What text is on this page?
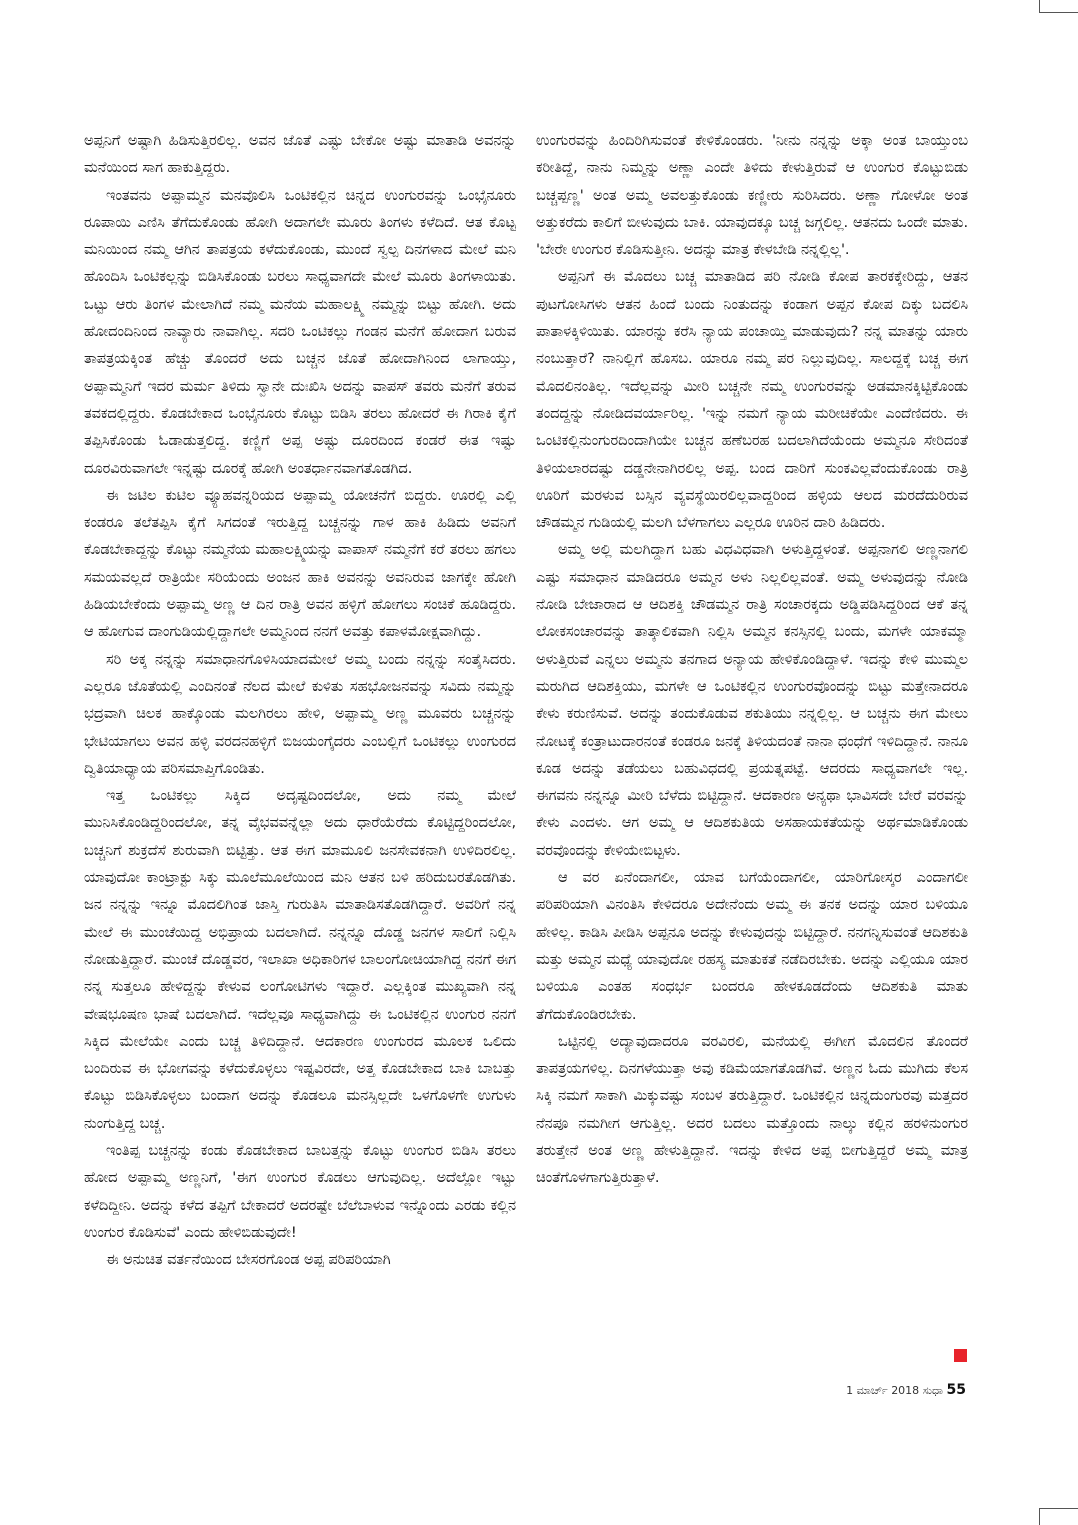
ಅಪ್ಪನಿಗೆ ಅಷ್ಟಾಗಿ ಹಿಡಿಸುತ್ತಿರಲಿಲ್ಲ. ಅವನ ಜೊತೆ ಎಷ್ಟು ಬೇಕೋ ಅಷ್ಟು ಮಾತಾಡಿ ಅವನನ್ನು ಮನೆಯಿಂದ ಸಾಗ ಹಾಕುತ್ತಿದ್ದರು.

ಇಂತವನು ಅಪ್ಪಾಮ್ಮನ ಮನವೊಲಿಸಿ ಒಂಟಿಕಲ್ಲಿನ ಚಿನ್ನದ ಉಂಗುರವನ್ನು ಒಂಭೈನೂರು ರೂಪಾಯಿ ಎಣಿಸಿ ತೆಗೆದುಕೊಂಡು ಹೋಗಿ ಅದಾಗಲೇ ಮೂರು ತಿಂಗಳು ಕಳೆದಿದೆ. ಆತ ಕೊಟ್ಟ ಮನಿಯಿಂದ ನಮ್ಮ ಆಗಿನ ತಾಪತ್ರಯ ಕಳೆದುಕೊಂಡು, ಮುಂದೆ ಸ್ವಲ್ಪ ದಿನಗಳಾದ ಮೇಲೆ ಮನಿ ಹೊಂದಿಸಿ ಒಂಟಿಕಲ್ಲನ್ನು ಬಿಡಿಸಿಕೊಂಡು ಬರಲು ಸಾಧ್ಯವಾಗದೇ ಮೇಲೆ ಮೂರು ತಿಂಗಳಾಯಿತು. ಒಟ್ಟು ಆರು ತಿಂಗಳ ಮೇಲಾಗಿದೆ ನಮ್ಮ ಮನೆಯ ಮಹಾಲಕ್ಷ್ಮಿ ನಮ್ಮನ್ನು ಬಿಟ್ಟು ಹೋಗಿ. ಅದು ಹೋದಂದಿನಿಂದ ನಾವ್ಯಾರು ನಾವಾಗಿಲ್ಲ. ಸದರಿ ಒಂಟಿಕಲ್ಲು ಗಂಡನ ಮನೆಗೆ ಹೋದಾಗ ಬರುವ ತಾಪತ್ರಯಕ್ಕಿಂತ ಹೆಚ್ಚು ತೊಂದರೆ ಅದು ಬಚ್ಚನ ಜೊತೆ ಹೋದಾಗಿನಿಂದ ಲಾಗಾಯ್ತು, ಅಪ್ಪಾಮ್ಮನಿಗೆ ಇದರ ಮರ್ಮ ತಿಳಿದು ಸ್ವಾನೇ ದುಃಖಿಸಿ ಅದನ್ನು ವಾಪಸ್ ತವರು ಮನೆಗೆ ತರುವ ತವಕದಲ್ಲಿದ್ದರು. ಕೊಡಬೇಕಾದ ಒಂಭೈನೂರು ಕೊಟ್ಟು ಬಿಡಿಸಿ ತರಲು ಹೋದರೆ ಈ ಗಿರಾಕಿ ಕೈಗೆ ತಪ್ಪಿಸಿಕೊಂಡು ಓಡಾಡುತ್ತಲಿದ್ದ. ಕಣ್ಣಿಗೆ ಅಪ್ಪ ಅಷ್ಟು ದೂರದಿಂದ ಕಂಡರೆ ಈತ ಇಷ್ಟು ದೂರವಿರುವಾಗಲೇ ಇನ್ನಷ್ಟು ದೂರಕ್ಕೆ ಹೋಗಿ ಅಂತರ್ಧಾನವಾಗತೊಡಗಿದ.

ಈ ಜಟಿಲ ಕುಟಿಲ ವ್ಯೂಹವನ್ನರಿಯದ ಅಪ್ಪಾಮ್ಮ ಯೋಚನೆಗೆ ಬಿದ್ದರು. ಊರಲ್ಲಿ ಎಲ್ಲಿ ಕಂಡರೂ ತಲೆತಪ್ಪಿಸಿ ಕೈಗೆ ಸಿಗದಂತೆ ಇರುತ್ತಿದ್ದ ಬಚ್ಚನನ್ನು ಗಾಳ ಹಾಕಿ ಹಿಡಿದು ಅವನಿಗೆ ಕೊಡಬೇಕಾದ್ದನ್ನು ಕೊಟ್ಟು ನಮ್ಮನೆಯ ಮಹಾಲಕ್ಷ್ಮಿಯನ್ನು ವಾಪಾಸ್ ನಮ್ಮನೆಗೆ ಕರೆ ತರಲು ಹಗಲು ಸಮಯವಲ್ಲದೆ ರಾತ್ರಿಯೇ ಸರಿಯೆಂದು ಅಂಜನ ಹಾಕಿ ಅವನನ್ನು ಅವನಿರುವ ಜಾಗಕ್ಕೇ ಹೋಗಿ ಹಿಡಿಯಬೇಕೆಂದು ಅಪ್ಪಾಮ್ಮ ಅಣ್ಣ ಆ ದಿನ ರಾತ್ರಿ ಅವನ ಹಳ್ಳಿಗೆ ಹೋಗಲು ಸಂಚಿಕೆ ಹೂಡಿದ್ದರು. ಆ ಹೋಗುವ ದಾಂಗುಡಿಯಲ್ಲಿದ್ದಾಗಲೇ ಅಮ್ಮನಿಂದ ನನಗೆ ಅವತ್ತು ಕಪಾಳಮೋಕ್ಷವಾಗಿದ್ದು.

ಸರಿ ಅಕ್ಕ ನನ್ನನ್ನು ಸಮಾಧಾನಗೊಳಿಸಿಯಾದಮೇಲೆ ಅಮ್ಮ ಬಂದು ನನ್ನನ್ನು ಸಂತೈಸಿದರು. ಎಲ್ಲರೂ ಜೊತೆಯಲ್ಲಿ ಎಂದಿನಂತೆ ನೆಲದ ಮೇಲೆ ಕುಳಿತು ಸಹಭೋಜನವನ್ನು ಸವಿದು ನಮ್ಮನ್ನು ಭದ್ರವಾಗಿ ಚಿಲಕ ಹಾಕ್ಕೊಂಡು ಮಲಗಿರಲು ಹೇಳಿ, ಅಪ್ಪಾಮ್ಮ ಅಣ್ಣ ಮೂವರು ಬಚ್ಚನನ್ನು ಭೇಟಿಯಾಗಲು ಅವನ ಹಳ್ಳಿ ವರದನಹಳ್ಳಿಗೆ ಬಿಜಯಂಗೈದರು ಎಂಬಲ್ಲಿಗೆ ಒಂಟಿಕಲ್ಲು ಉಂಗುರದ ದ್ವಿತಿಯಾಧ್ಯಾಯ ಪರಿಸಮಾಪ್ತಿಗೊಂಡಿತು.

ಇತ್ತ ಒಂಟಿಕಲ್ಲು ಸಿಕ್ಕಿದ ಅದೃಷ್ಟದಿಂದಲೋ, ಅದು ನಮ್ಮ ಮೇಲೆ ಮುನಿಸಿಕೊಂಡಿದ್ದರಿಂದಲೋ, ತನ್ನ ವೈಭವವನ್ನೆಲ್ಲಾ ಅದು ಧಾರೆಯೆರೆದು ಕೊಟ್ಟಿದ್ದರಿಂದಲೋ, ಬಚ್ಚನಿಗೆ ಶುಕ್ರದೆಸೆ ಶುರುವಾಗಿ ಬಿಟ್ಟಿತ್ತು. ಆತ ಈಗ ಮಾಮೂಲಿ ಜನಸೇವಕನಾಗಿ ಉಳಿದಿರಲಿಲ್ಲ. ಯಾವುದೋ ಕಾಂಟ್ರಾಕ್ಟು ಸಿಕ್ಕು ಮೂಲೆಮೂಲೆಯಿಂದ ಮನಿ ಆತನ ಬಳಿ ಹರಿದುಬರತೊಡಗಿತು. ಜನ ನನ್ನನ್ನು ಇನ್ನೂ ಮೊದಲಿಗಿಂತ ಜಾಸ್ತಿ ಗುರುತಿಸಿ ಮಾತಾಡಿಸತೊಡಗಿದ್ದಾರೆ. ಅವರಿಗೆ ನನ್ನ ಮೇಲೆ ಈ ಮುಂಚೆಯಿದ್ದ ಅಭಿಪ್ರಾಯ ಬದಲಾಗಿದೆ. ನನ್ನನ್ನೂ ದೊಡ್ಡ ಜನಗಳ ಸಾಲಿಗೆ ನಿಲ್ಲಿಸಿ ನೋಡುತ್ತಿದ್ದಾರೆ. ಮುಂಚೆ ದೊಡ್ಡವರ, ಇಲಾಖಾ ಅಧಿಕಾರಿಗಳ ಬಾಲಂಗೋಚಿಯಾಗಿದ್ದ ನನಗೆ ಈಗ ನನ್ನ ಸುತ್ತಲೂ ಹೇಳಿದ್ದನ್ನು ಕೇಳುವ ಲಂಗೋಟಿಗಳು ಇದ್ದಾರೆ. ಎಲ್ಲಕ್ಕಿಂತ ಮುಖ್ಯವಾಗಿ ನನ್ನ ವೇಷಭೂಷಣ ಭಾಷೆ ಬದಲಾಗಿದೆ. ಇದೆಲ್ಲವೂ ಸಾಧ್ಯವಾಗಿದ್ದು ಈ ಒಂಟಿಕಲ್ಲಿನ ಉಂಗುರ ನನಗೆ ಸಿಕ್ಕಿದ ಮೇಲೆಯೇ ಎಂದು ಬಚ್ಚ ತಿಳಿದಿದ್ದಾನೆ. ಆದಕಾರಣ ಉಂಗುರದ ಮೂಲಕ ಒಲಿದು ಬಂದಿರುವ ಈ ಭೋಗವನ್ನು ಕಳೆದುಕೊಳ್ಳಲು ಇಷ್ಟವಿರದೇ, ಅತ್ತ ಕೊಡಬೇಕಾದ ಬಾಕಿ ಬಾಬತ್ತು ಕೊಟ್ಟು ಬಿಡಿಸಿಕೊಳ್ಳಲು ಬಂದಾಗ ಅದನ್ನು ಕೊಡಲೂ ಮನಸ್ಸಿಲ್ಲದೇ ಒಳಗೊಳಗೇ ಉಗುಳು ನುಂಗುತ್ತಿದ್ದ ಬಚ್ಚ.

ಇಂತಿಪ್ಪ ಬಚ್ಚನನ್ನು ಕಂಡು ಕೊಡಬೇಕಾದ ಬಾಬತ್ತನ್ನು ಕೊಟ್ಟು ಉಂಗುರ ಬಿಡಿಸಿ ತರಲು ಹೋದ ಅಪ್ಪಾಮ್ಮ ಅಣ್ಣನಿಗೆ, 'ಈಗ ಉಂಗುರ ಕೊಡಲು ಆಗುವುದಿಲ್ಲ. ಅದೆಲ್ಲೋ ಇಟ್ಟು ಕಳೆದಿದ್ದೀನಿ. ಅದನ್ನು ಕಳೆದ ತಪ್ಪಿಗೆ ಬೇಕಾದರೆ ಅದರಷ್ಟೇ ಬೆಲೆಬಾಳುವ ಇನ್ನೊಂದು ಎರಡು ಕಲ್ಲಿನ ಉಂಗುರ ಕೊಡಿಸುವೆ' ಎಂದು ಹೇಳಿಬಿಡುವುದೇ!

ಈ ಅನುಚಿತ ವರ್ತನೆಯಿಂದ ಬೇಸರಗೊಂಡ ಅಪ್ಪ ಪರಿಪರಿಯಾಗಿ

ಉಂಗುರವನ್ನು ಹಿಂದಿರಿಗಿಸುವಂತೆ ಕೇಳಿಕೊಂಡರು. 'ನೀನು ನನ್ನನ್ನು ಅಕ್ಕಾ ಅಂತ ಬಾಯ್ತುಂಬ ಕರೀತಿದ್ದೆ, ನಾನು ನಿಮ್ಮನ್ನು ಅಣ್ಣಾ ಎಂದೇ ತಿಳಿದು ಕೇಳುತ್ತಿರುವೆ ಆ ಉಂಗುರ ಕೊಟ್ಟುಬಿಡು ಬಚ್ಚಪ್ಪಣ್ಣ' ಅಂತ ಅಮ್ಮ ಅವಲತ್ತುಕೊಂಡು ಕಣ್ಣೀರು ಸುರಿಸಿದರು. ಅಣ್ಣಾ ಗೋಳೋ ಅಂತ ಅತ್ತುಕರೆದು ಕಾಲಿಗೆ ಬೀಳುವುದು ಬಾಕಿ. ಯಾವುದಕ್ಕೂ ಬಚ್ಚ ಜಗ್ಗಲಿಲ್ಲ. ಆತನದು ಒಂದೇ ಮಾತು. 'ಬೇರೇ ಉಂಗುರ ಕೊಡಿಸುತ್ತೀನಿ. ಅದನ್ನು ಮಾತ್ರ ಕೇಳಬೇಡಿ ನನ್ನಲ್ಲಿಲ್ಲ'.

ಅಪ್ಪನಿಗೆ ಈ ಮೊದಲು ಬಚ್ಚ ಮಾತಾಡಿದ ಪರಿ ನೋಡಿ ಕೋಪ ತಾರಕಕ್ಕೇರಿದ್ದು, ಆತನ ಪುಟಗೋಸಿಗಳು ಆತನ ಹಿಂದೆ ಬಂದು ನಿಂತುದನ್ನು ಕಂಡಾಗ ಅಪ್ಪನ ಕೋಪ ದಿಕ್ಕು ಬದಲಿಸಿ ಪಾತಾಳಕ್ಕಿಳಿಯಿತು. ಯಾರನ್ನು ಕರೆಸಿ ನ್ಯಾಯ ಪಂಚಾಯ್ತಿ ಮಾಡುವುದು? ನನ್ನ ಮಾತನ್ನು ಯಾರು ನಂಬುತ್ತಾರೆ? ನಾನಿಲ್ಲಿಗೆ ಹೊಸಬ. ಯಾರೂ ನಮ್ಮ ಪರ ನಿಲ್ಲುವುದಿಲ್ಲ. ಸಾಲದ್ದಕ್ಕೆ ಬಚ್ಚ ಈಗ ಮೊದಲಿನಂತಿಲ್ಲ. ಇದೆಲ್ಲವನ್ನು ಮೀರಿ ಬಚ್ಚನೇ ನಮ್ಮ ಉಂಗುರವನ್ನು ಅಡಮಾನಕ್ಕಿಟ್ಟಿಕೊಂಡು ತಂದದ್ದನ್ನು ನೋಡಿದವರ್ಯಾರಿಲ್ಲ. 'ಇನ್ನು ನಮಗೆ ನ್ಯಾಯ ಮರೀಚಿಕೆಯೇ ಎಂದೆಣಿದರು. ಈ ಒಂಟಿಕಲ್ಲಿನುಂಗುರದಿಂದಾಗಿಯೇ ಬಚ್ಚನ ಹಣೆಬರಹ ಬದಲಾಗಿದೆಯೆಂದು ಅಮ್ಮನೂ ಸೇರಿದಂತೆ ತಿಳಿಯಲಾರದಷ್ಟು ದಡ್ಡನೇನಾಗಿರಲಿಲ್ಲ ಅಪ್ಪ. ಬಂದ ದಾರಿಗೆ ಸುಂಕವಿಲ್ಲವೆಂದುಕೊಂಡು ರಾತ್ರಿ ಊರಿಗೆ ಮರಳುವ ಬಸ್ಸಿನ ವ್ಯವಸ್ಥೆಯಿರಲಿಲ್ಲವಾದ್ದರಿಂದ ಹಳ್ಳಿಯ ಆಲದ ಮರದೆದುರಿರುವ ಚೌಡಮ್ಮನ ಗುಡಿಯಲ್ಲಿ ಮಲಗಿ ಬೆಳಗಾಗಲು ಎಲ್ಲರೂ ಊರಿನ ದಾರಿ ಹಿಡಿದರು.

ಅಮ್ಮ ಅಲ್ಲಿ ಮಲಗಿದ್ದಾಗ ಬಹು ವಿಧವಿಧವಾಗಿ ಅಳುತ್ತಿದ್ದಳಂತೆ. ಅಪ್ಪನಾಗಲಿ ಅಣ್ಣನಾಗಲಿ ಎಷ್ಟು ಸಮಾಧಾನ ಮಾಡಿದರೂ ಅಮ್ಮನ ಅಳು ನಿಲ್ಲಲಿಲ್ಲವಂತೆ. ಅಮ್ಮ ಅಳುವುದನ್ನು ನೋಡಿ ನೋಡಿ ಬೇಜಾರಾದ ಆ ಆದಿಶಕ್ತಿ ಚೌಡಮ್ಮನ ರಾತ್ರಿ ಸಂಚಾರಕ್ಕದು ಅಡ್ಡಿಪಡಿಸಿದ್ದರಿಂದ ಆಕೆ ತನ್ನ ಲೋಕಸಂಚಾರವನ್ನು ತಾತ್ಕಾಲಿಕವಾಗಿ ನಿಲ್ಲಿಸಿ ಅಮ್ಮನ ಕನಸ್ಸಿನಲ್ಲಿ ಬಂದು, ಮಗಳೇ ಯಾಕಮ್ಮಾ ಅಳುತ್ತಿರುವೆ ಎನ್ನಲು ಅಮ್ಮನು ತನಗಾದ ಅನ್ಯಾಯ ಹೇಳಿಕೊಂಡಿದ್ದಾಳೆ. ಇದನ್ನು ಕೇಳಿ ಮುಮ್ಮಲ ಮರುಗಿದ ಆದಿಶಕ್ತಿಯು, ಮಗಳೇ ಆ ಒಂಟಿಕಲ್ಲಿನ ಉಂಗುರವೊಂದನ್ನು ಬಿಟ್ಟು ಮತ್ತೇನಾದರೂ ಕೇಳು ಕರುಣಿಸುವೆ. ಅದನ್ನು ತಂದುಕೊಡುವ ಶಕುತಿಯು ನನ್ನಲ್ಲಿಲ್ಲ. ಆ ಬಚ್ಚನು ಈಗ ಮೇಲು ನೋಟಕ್ಕೆ ಕಂತ್ರಾಟುದಾರನಂತೆ ಕಂಡರೂ ಜನಕ್ಕೆ ತಿಳಿಯದಂತೆ ನಾನಾ ಧಂಧೆಗೆ ಇಳಿದಿದ್ದಾನೆ. ನಾನೂ ಕೂಡ ಅದನ್ನು ತಡೆಯಲು ಬಹುವಿಧದಲ್ಲಿ ಪ್ರಯತ್ನಪಟ್ಟೆ. ಆದರದು ಸಾಧ್ಯವಾಗಲೇ ಇಲ್ಲ. ಈಗವನು ನನ್ನನ್ನೂ ಮೀರಿ ಬೆಳೆದು ಬಿಟ್ಟಿದ್ದಾನೆ. ಆದಕಾರಣ ಅನ್ಯಥಾ ಭಾವಿಸದೇ ಬೇರೆ ವರವನ್ನು ಕೇಳು ಎಂದಳು. ಆಗ ಅಮ್ಮ ಆ ಆದಿಶಕುತಿಯ ಅಸಹಾಯಕತೆಯನ್ನು ಅರ್ಥಮಾಡಿಕೊಂಡು ವರವೊಂದನ್ನು ಕೇಳಿಯೇಬಿಟ್ಟಳು.

ಆ ವರ ಏನೆಂದಾಗಲೀ, ಯಾವ ಬಗೆಯೆಂದಾಗಲೀ, ಯಾರಿಗೋಸ್ಕರ ಎಂದಾಗಲೀ ಪರಿಪರಿಯಾಗಿ ವಿನಂತಿಸಿ ಕೇಳಿದರೂ ಅದೇನೆಂದು ಅಮ್ಮ ಈ ತನಕ ಅದನ್ನು ಯಾರ ಬಳಿಯೂ ಹೇಳಿಲ್ಲ. ಕಾಡಿಸಿ ಪೀಡಿಸಿ ಅಪ್ಪನೂ ಅದನ್ನು ಕೇಳುವುದನ್ನು ಬಿಟ್ಟಿದ್ದಾರೆ. ನನಗನ್ನಿಸುವಂತೆ ಆದಿಶಕುತಿ ಮತ್ತು ಅಮ್ಮನ ಮಧ್ಯೆ ಯಾವುದೋ ರಹಸ್ಯ ಮಾತುಕತೆ ನಡೆದಿರಬೇಕು. ಅದನ್ನು ಎಲ್ಲಿಯೂ ಯಾರ ಬಳಿಯೂ ಎಂತಹ ಸಂಧರ್ಭ ಬಂದರೂ ಹೇಳಕೂಡದೆಂದು ಆದಿಶಕುತಿ ಮಾತು ತೆಗೆದುಕೊಂಡಿರಬೇಕು.

ಒಟ್ಟಿನಲ್ಲಿ ಅದ್ಯಾವುದಾದರೂ ವರವಿರಲಿ, ಮನೆಯಲ್ಲಿ ಈಗೀಗ ಮೊದಲಿನ ತೊಂದರೆ ತಾಪತ್ರಯಗಳಿಲ್ಲ. ದಿನಗಳೆಯುತ್ತಾ ಅವು ಕಡಿಮೆಯಾಗತೊಡಗಿವೆ. ಅಣ್ಣನ ಓದು ಮುಗಿದು ಕೆಲಸ ಸಿಕ್ಕಿ ನಮಗೆ ಸಾಕಾಗಿ ಮಿಕ್ಕುವಷ್ಟು ಸಂಬಳ ತರುತ್ತಿದ್ದಾರೆ. ಒಂಟಿಕಲ್ಲಿನ ಚಿನ್ನದುಂಗುರವು ಮತ್ತದರ ನೆನಪೂ ನಮಗೀಗ ಆಗುತ್ತಿಲ್ಲ. ಅದರ ಬದಲು ಮತ್ತೊಂದು ನಾಲ್ಕು ಕಲ್ಲಿನ ಹರಳಿನುಂಗುರ ತರುತ್ತೇನೆ ಅಂತ ಅಣ್ಣ ಹೇಳುತ್ತಿದ್ದಾನೆ. ಇದನ್ನು ಕೇಳಿದ ಅಪ್ಪ ಬೀಗುತ್ತಿದ್ದರೆ ಅಮ್ಮ ಮಾತ್ರ ಚಿಂತೆಗೊಳಗಾಗುತ್ತಿರುತ್ತಾಳೆ.

1 ಮಾರ್ಚ್ 2018 ಸುಧಾ 55
